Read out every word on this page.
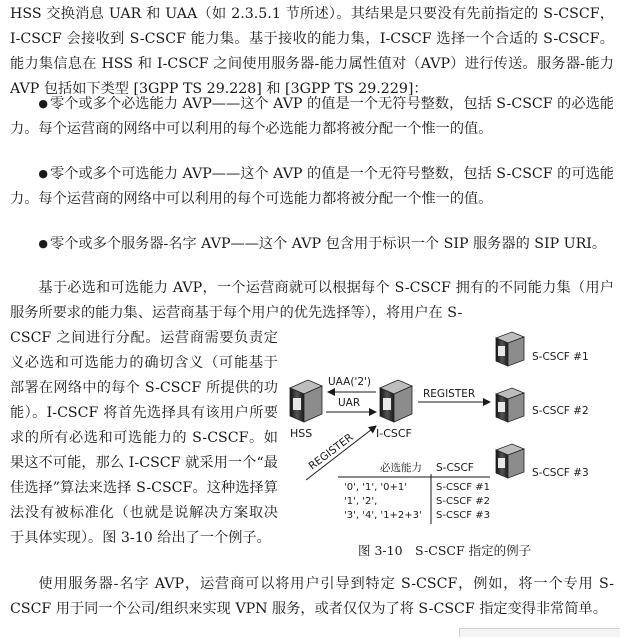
HSS 交换消息 UAR 和 UAA（如 2.3.5.1 节所述）。其结果是只要没有先前指定的 S-CSCF，I-CSCF 会接收到 S-CSCF 能力集。基于接收的能力集，I-CSCF 选择一个合适的 S-CSCF。能力集信息在 HSS 和 I-CSCF 之间使用服务器-能力属性值对（AVP）进行传送。服务器-能力 AVP 包括如下类型 [3GPP TS 29.228] 和 [3GPP TS 29.229]：

● 零个或多个必选能力 AVP——这个 AVP 的值是一个无符号整数，包括 S-CSCF 的必选能力。每个运营商的网络中可以利用的每个必选能力都将被分配一个惟一的值。

● 零个或多个可选能力 AVP——这个 AVP 的值是一个无符号整数，包括 S-CSCF 的可选能力。每个运营商的网络中可以利用的每个可选能力都将被分配一个惟一的值。

● 零个或多个服务器-名字 AVP——这个 AVP 包含用于标识一个 SIP 服务器的 SIP URI。

基于必选和可选能力 AVP，一个运营商就可以根据每个 S-CSCF 拥有的不同能力集（用户服务所要求的能力集、运营商基于每个用户的优先选择等），将用户在 S-

CSCF 之间进行分配。运营商需要负责定义必选和可选能力的确切含义（可能基于部署在网络中的每个 S-CSCF 所提供的功能）。I-CSCF 将首先选择具有该用户所要求的所有必选和可选能力的 S-CSCF。如果这不可能，那么 I-CSCF 就采用一个“最佳选择”算法来选择 S-CSCF。这种选择算法没有被标准化（也就是说解决方案取决于具体实现）。图 3-10 给出了一个例子。

使用服务器-名字 AVP，运营商可以将用户引导到特定 S-CSCF，例如，将一个专用 S-CSCF 用于同一个公司/组织来实现 VPN 服务，或者仅仅为了将 S-CSCF 指定变得非常简单。

HSS	I-CSCF
S-CSCF #1
S-CSCF #2
S-CSCF #3
UAA('2')
UAR
REGISTER
REGISTER 必选能力 S-CSCF
'0', '1', '0+1'	S-CSCF #1
'1', '2',	S-CSCF #2
'3', '4', '1+2+3' S-CSCF #3
图 3-10　S-CSCF 指定的例子
